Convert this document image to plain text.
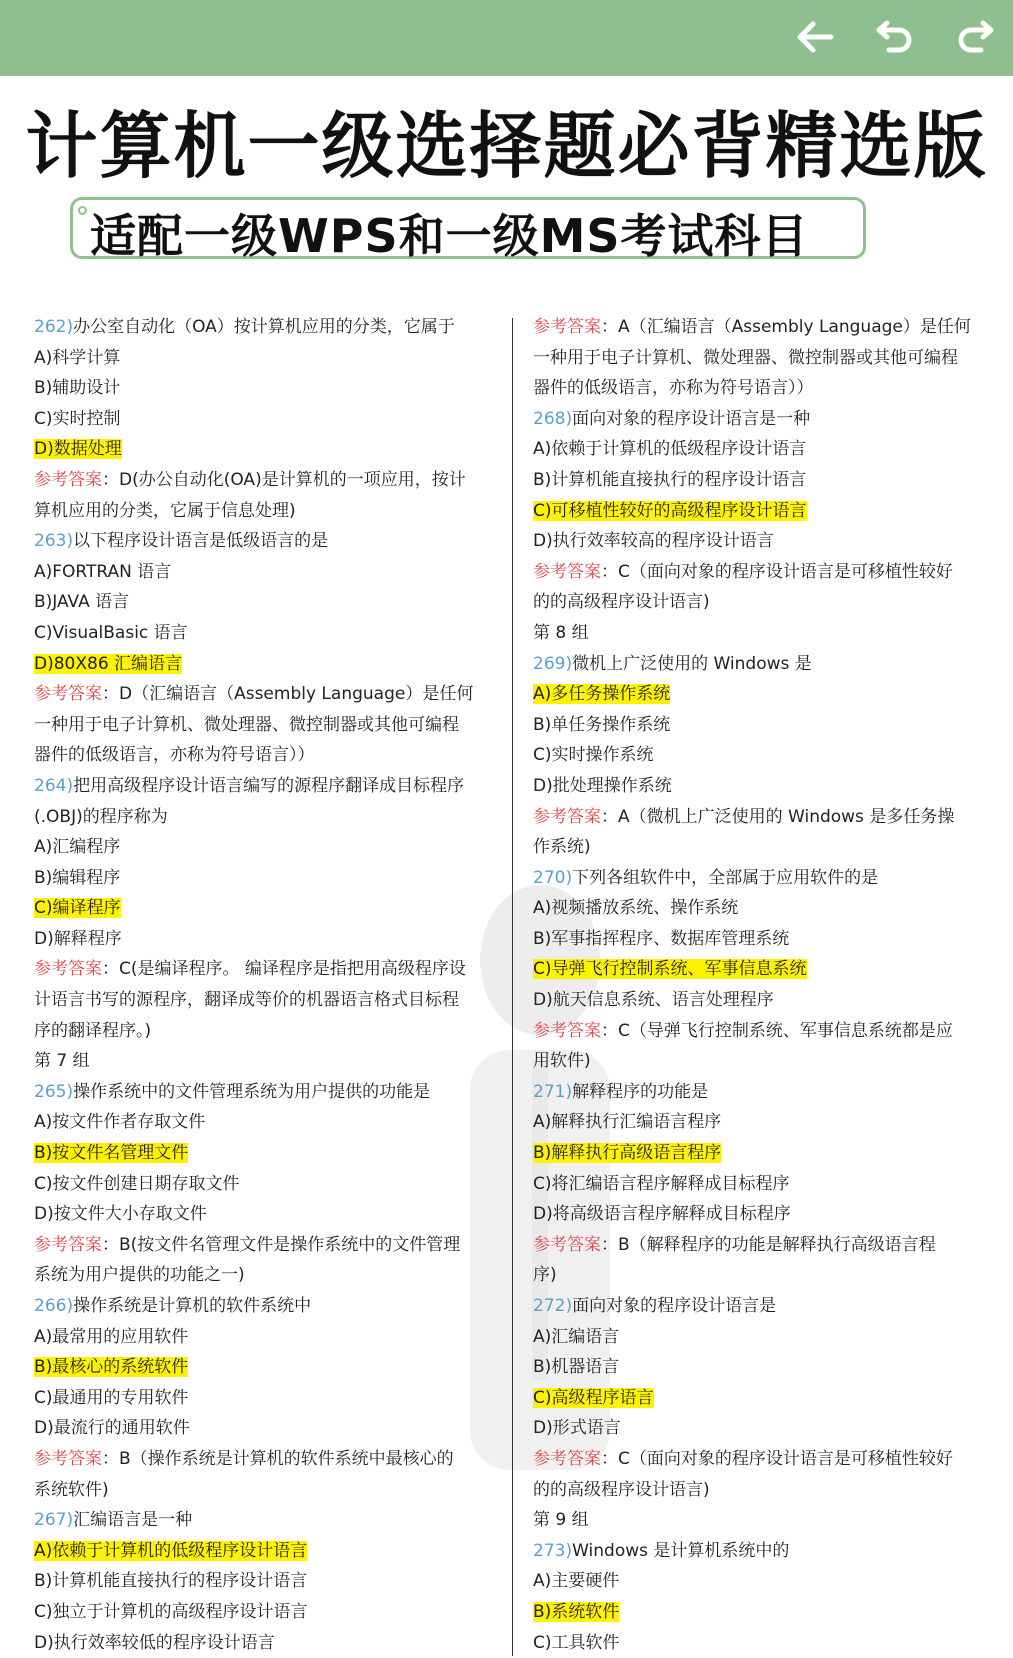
计算机一级选择题必背精选版
适配一级WPS和一级MS考试科目
262)办公室自动化（OA）按计算机应用的分类，它属于
A)科学计算
B)辅助设计
C)实时控制
D)数据处理
参考答案：D(办公自动化(OA)是计算机的一项应用，按计
算机应用的分类，它属于信息处理)
263)以下程序设计语言是低级语言的是
A)FORTRAN 语言
B)JAVA 语言
C)VisualBasic 语言
D)80X86 汇编语言
参考答案：D（汇编语言（Assembly Language）是任何
一种用于电子计算机、微处理器、微控制器或其他可编程
器件的低级语言，亦称为符号语言））
264)把用高级程序设计语言编写的源程序翻译成目标程序
(.OBJ)的程序称为
A)汇编程序
B)编辑程序
C)编译程序
D)解释程序
参考答案：C(是编译程序。 编译程序是指把用高级程序设
计语言书写的源程序，翻译成等价的机器语言格式目标程
序的翻译程序。)
第 7 组
265)操作系统中的文件管理系统为用户提供的功能是
A)按文件作者存取文件
B)按文件名管理文件
C)按文件创建日期存取文件
D)按文件大小存取文件
参考答案：B(按文件名管理文件是操作系统中的文件管理
系统为用户提供的功能之一)
266)操作系统是计算机的软件系统中
A)最常用的应用软件
B)最核心的系统软件
C)最通用的专用软件
D)最流行的通用软件
参考答案：B（操作系统是计算机的软件系统中最核心的
系统软件)
267)汇编语言是一种
A)依赖于计算机的低级程序设计语言
B)计算机能直接执行的程序设计语言
C)独立于计算机的高级程序设计语言
D)执行效率较低的程序设计语言
参考答案：A（汇编语言（Assembly Language）是任何
一种用于电子计算机、微处理器、微控制器或其他可编程
器件的低级语言，亦称为符号语言））
268)面向对象的程序设计语言是一种
A)依赖于计算机的低级程序设计语言
B)计算机能直接执行的程序设计语言
C)可移植性较好的高级程序设计语言
D)执行效率较高的程序设计语言
参考答案：C（面向对象的程序设计语言是可移植性较好
的的高级程序设计语言)
第 8 组
269)微机上广泛使用的 Windows 是
A)多任务操作系统
B)单任务操作系统
C)实时操作系统
D)批处理操作系统
参考答案：A（微机上广泛使用的 Windows 是多任务操
作系统)
270)下列各组软件中，全部属于应用软件的是
A)视频播放系统、操作系统
B)军事指挥程序、数据库管理系统
C)导弹飞行控制系统、军事信息系统
D)航天信息系统、语言处理程序
参考答案：C（导弹飞行控制系统、军事信息系统都是应
用软件)
271)解释程序的功能是
A)解释执行汇编语言程序
B)解释执行高级语言程序
C)将汇编语言程序解释成目标程序
D)将高级语言程序解释成目标程序
参考答案：B（解释程序的功能是解释执行高级语言程
序)
272)面向对象的程序设计语言是
A)汇编语言
B)机器语言
C)高级程序语言
D)形式语言
参考答案：C（面向对象的程序设计语言是可移植性较好
的的高级程序设计语言)
第 9 组
273)Windows 是计算机系统中的
A)主要硬件
B)系统软件
C)工具软件
